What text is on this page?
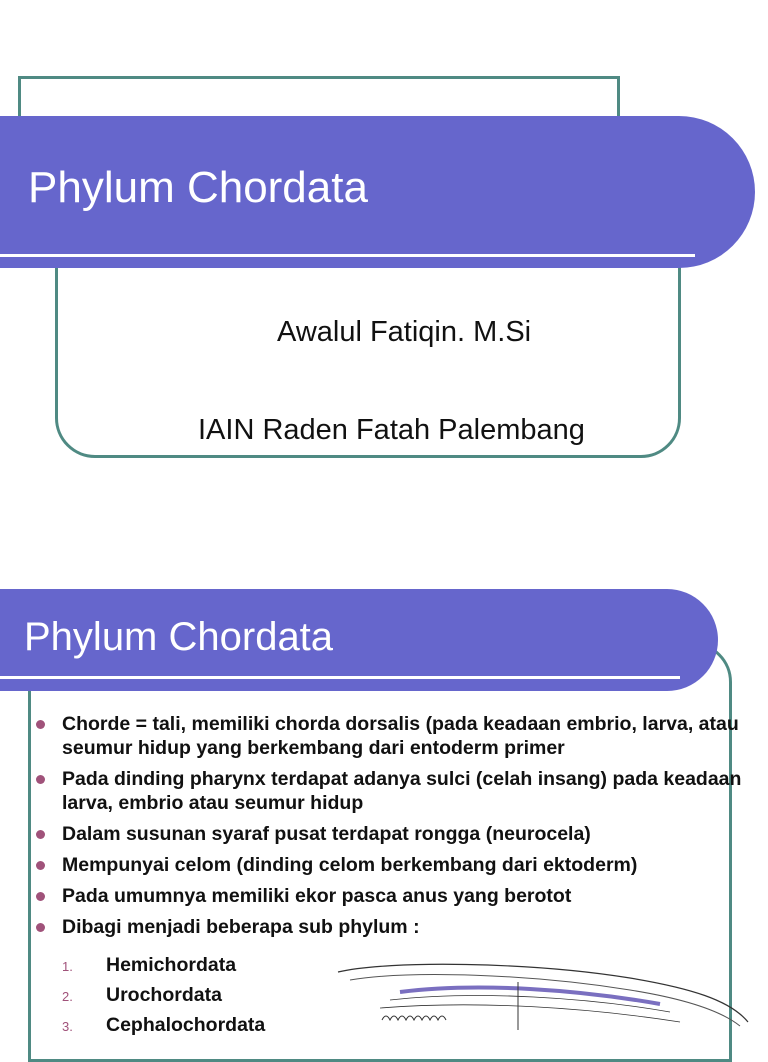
Phylum Chordata
Awalul Fatiqin. M.Si
IAIN Raden Fatah Palembang
Phylum Chordata
Chorde = tali, memiliki chorda dorsalis (pada keadaan embrio, larva, atau seumur hidup yang berkembang dari entoderm primer
Pada dinding pharynx terdapat adanya sulci (celah insang) pada keadaan larva, embrio atau seumur hidup
Dalam susunan syaraf pusat terdapat rongga (neurocela)
Mempunyai celom (dinding celom berkembang dari ektoderm)
Pada umumnya memiliki ekor pasca anus yang berotot
Dibagi menjadi beberapa sub phylum :
1. Hemichordata
2. Urochordata
3. Cephalochordata
